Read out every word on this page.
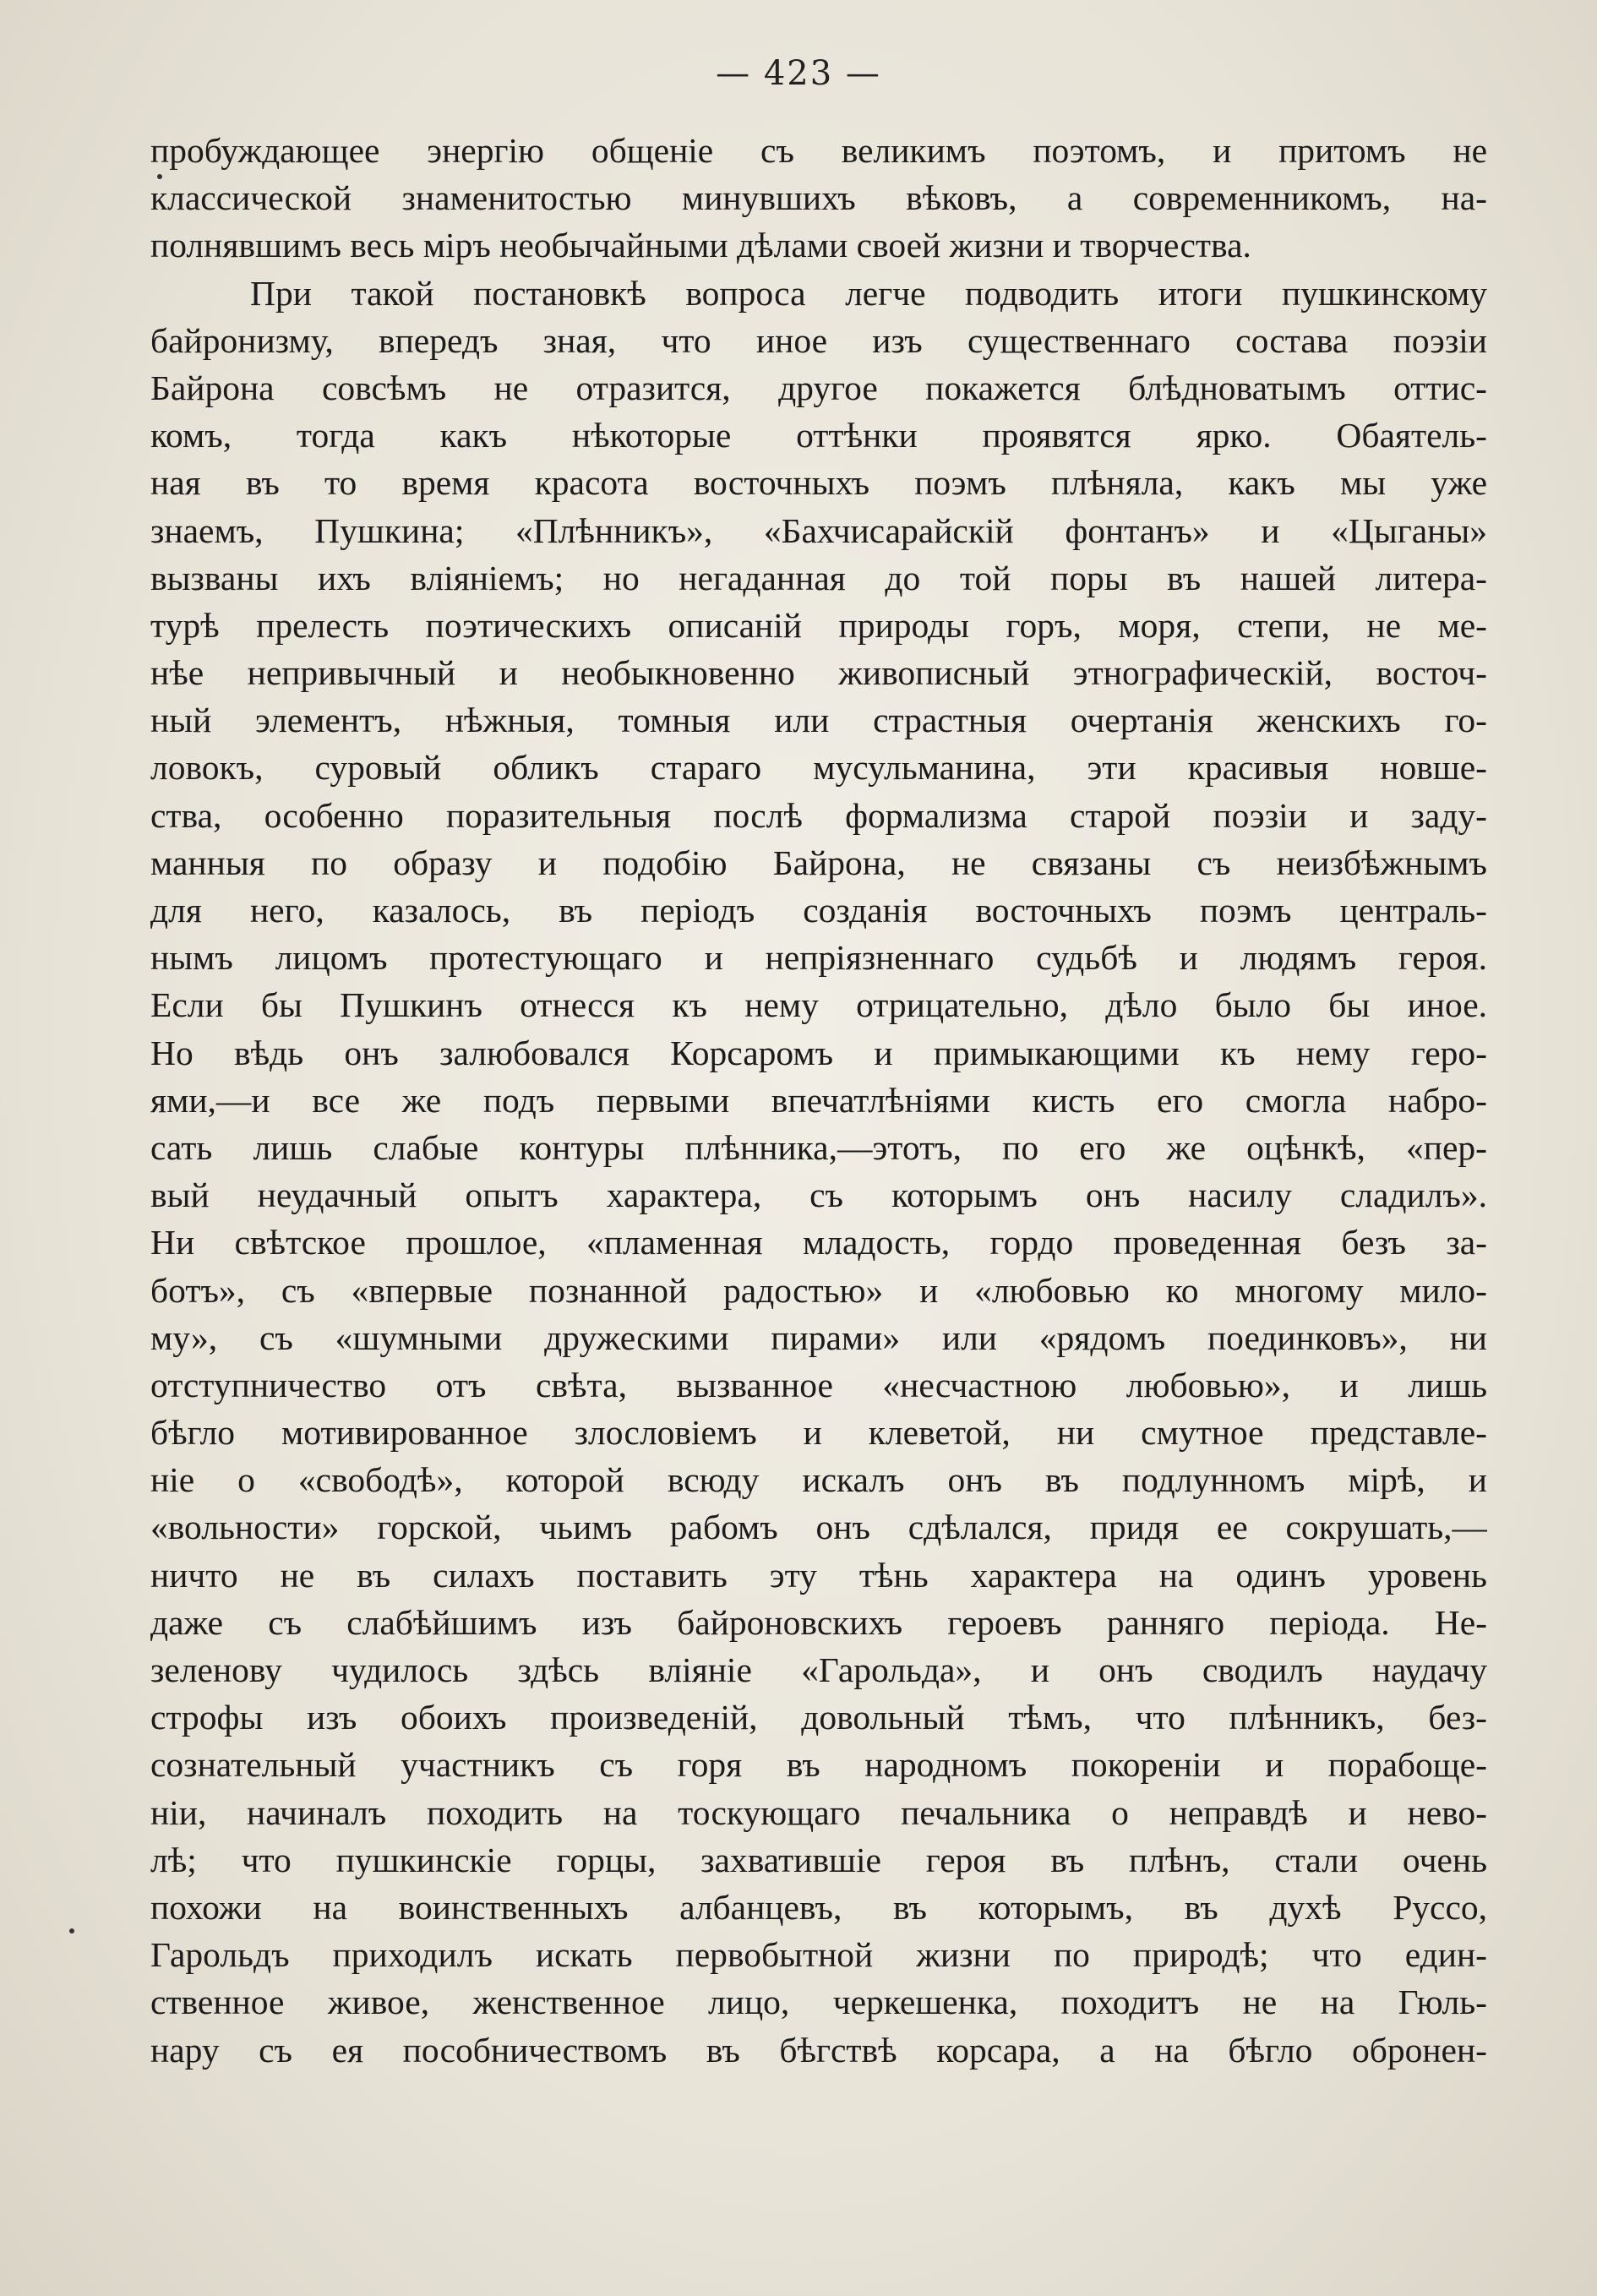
— 423 —
пробуждающее энергію общеніе съ великимъ поэтомъ, и притомъ не
классической знаменитостью минувшихъ вѣковъ, а современникомъ, на-
полнявшимъ весь міръ необычайными дѣлами своей жизни и творчества.
При такой постановкѣ вопроса легче подводить итоги пушкинскому
байронизму, впередъ зная, что иное изъ существеннаго состава поэзіи
Байрона совсѣмъ не отразится, другое покажется блѣдноватымъ оттис-
комъ, тогда какъ нѣкоторые оттѣнки проявятся ярко. Обаятель-
ная въ то время красота восточныхъ поэмъ плѣняла, какъ мы уже
знаемъ, Пушкина; «Плѣнникъ», «Бахчисарайскій фонтанъ» и «Цыганы»
вызваны ихъ вліяніемъ; но негаданная до той поры въ нашей литера-
турѣ прелесть поэтическихъ описаній природы горъ, моря, степи, не ме-
нѣе непривычный и необыкновенно живописный этнографическій, восточ-
ный элементъ, нѣжныя, томныя или страстныя очертанія женскихъ го-
ловокъ, суровый обликъ стараго мусульманина, эти красивыя новше-
ства, особенно поразительныя послѣ формализма старой поэзіи и заду-
манныя по образу и подобію Байрона, не связаны съ неизбѣжнымъ
для него, казалось, въ періодъ созданія восточныхъ поэмъ централь-
нымъ лицомъ протестующаго и непріязненнаго судьбѣ и людямъ героя.
Если бы Пушкинъ отнесся къ нему отрицательно, дѣло было бы иное.
Но вѣдь онъ залюбовался Корсаромъ и примыкающими къ нему геро-
ями,—и все же подъ первыми впечатлѣніями кисть его смогла набро-
сать лишь слабые контуры плѣнника,—этотъ, по его же оцѣнкѣ, «пер-
вый неудачный опытъ характера, съ которымъ онъ насилу сладилъ».
Ни свѣтское прошлое, «пламенная младость, гордо проведенная безъ за-
ботъ», съ «впервые познанной радостью» и «любовью ко многому мило-
му», съ «шумными дружескими пирами» или «рядомъ поединковъ», ни
отступничество отъ свѣта, вызванное «несчастною любовью», и лишь
бѣгло мотивированное злословіемъ и клеветой, ни смутное представле-
ніе о «свободѣ», которой всюду искалъ онъ въ подлунномъ мірѣ, и
«вольности» горской, чьимъ рабомъ онъ сдѣлался, придя ее сокрушать,—
ничто не въ силахъ поставить эту тѣнь характера на одинъ уровень
даже съ слабѣйшимъ изъ байроновскихъ героевъ ранняго періода. Не-
зеленову чудилось здѣсь вліяніе «Гарольда», и онъ сводилъ наудачу
строфы изъ обоихъ произведеній, довольный тѣмъ, что плѣнникъ, без-
сознательный участникъ съ горя въ народномъ покореніи и порабоще-
ніи, начиналъ походить на тоскующаго печальника о неправдѣ и нево-
лѣ; что пушкинскіе горцы, захватившіе героя въ плѣнъ, стали очень
похожи на воинственныхъ албанцевъ, въ которымъ, въ духѣ Руссо,
Гарольдъ приходилъ искать первобытной жизни по природѣ; что един-
ственное живое, женственное лицо, черкешенка, походитъ не на Гюль-
нару съ ея пособничествомъ въ бѣгствѣ корсара, а на бѣгло обронен-
